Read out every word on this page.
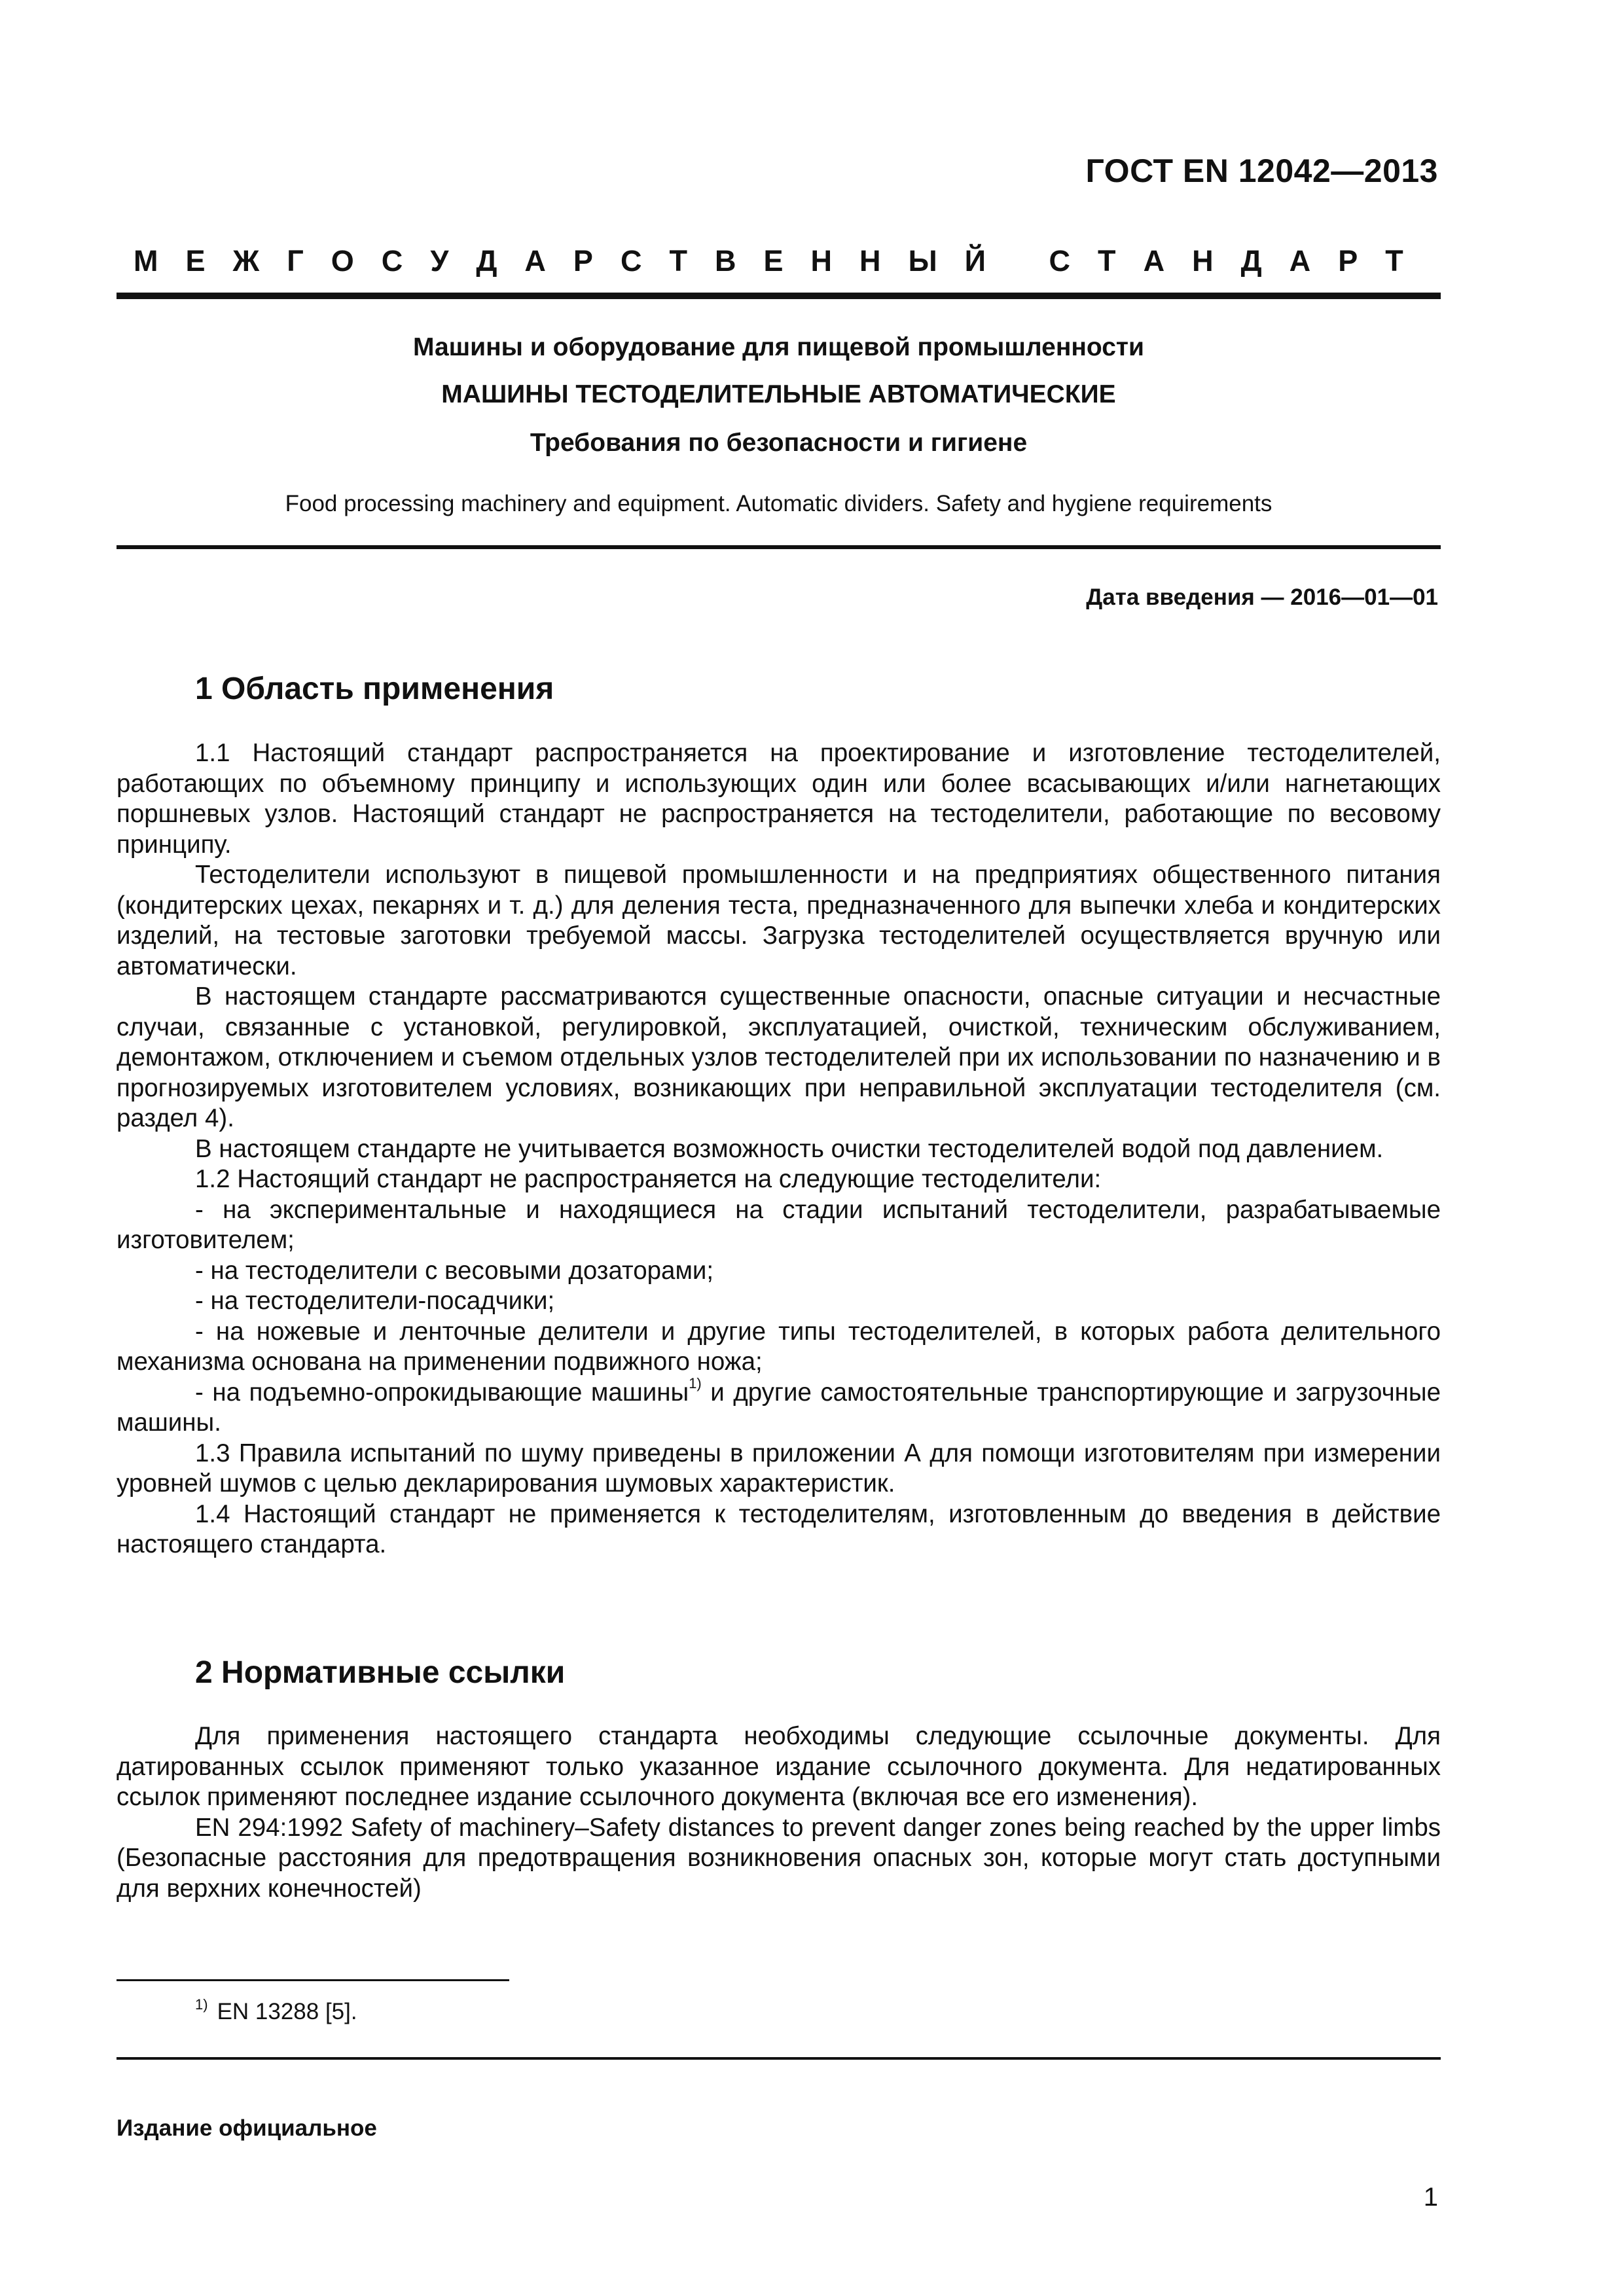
ГОСТ EN 12042—2013
М Е Ж Г О С У Д А Р С Т В Е Н Н Ы Й
С Т А Н Д А Р Т
Машины и оборудование для пищевой промышленности
МАШИНЫ ТЕСТОДЕЛИТЕЛЬНЫЕ АВТОМАТИЧЕСКИЕ
Требования по безопасности и гигиене
Food processing machinery and equipment. Automatic dividers. Safety and hygiene requirements
Дата введения — 2016—01—01
1 Область применения

1.1 Настоящий стандарт распространяется на проектирование и изготовление тестоделителей, работающих по объемному принципу и использующих один или более всасывающих и/или нагнетающих поршневых узлов. Настоящий стандарт не распространяется на тестоделители, работающие по весовому принципу.

Тестоделители используют в пищевой промышленности и на предприятиях общественного питания (кондитерских цехах, пекарнях и т. д.) для деления теста, предназначенного для выпечки хлеба и кондитерских изделий, на тестовые заготовки требуемой массы. Загрузка тестоделителей осуществляется вручную или автоматически.

В настоящем стандарте рассматриваются существенные опасности, опасные ситуации и несчастные случаи, связанные с установкой, регулировкой, эксплуатацией, очисткой, техническим обслуживанием, демонтажом, отключением и съемом отдельных узлов тестоделителей при их использовании по назначению и в прогнозируемых изготовителем условиях, возникающих при неправильной эксплуатации тестоделителя (см. раздел 4).

В настоящем стандарте не учитывается возможность очистки тестоделителей водой под давлением.

1.2 Настоящий стандарт не распространяется на следующие тестоделители:

- на экспериментальные и находящиеся на стадии испытаний тестоделители, разрабатываемые изготовителем;

- на тестоделители с весовыми дозаторами;

- на тестоделители-посадчики;

- на ножевые и ленточные делители и другие типы тестоделителей, в которых работа делительного механизма основана на применении подвижного ножа;

- на подъемно-опрокидывающие машины$^{1)}$ и другие самостоятельные транспортирующие и загрузочные машины.

1.3 Правила испытаний по шуму приведены в приложении А для помощи изготовителям при измерении уровней шумов с целью декларирования шумовых характеристик.

1.4 Настоящий стандарт не применяется к тестоделителям, изготовленным до введения в действие настоящего стандарта.

2 Нормативные ссылки

Для применения настоящего стандарта необходимы следующие ссылочные документы. Для датированных ссылок применяют только указанное издание ссылочного документа. Для недатированных ссылок применяют последнее издание ссылочного документа (включая все его изменения).

EN 294:1992 Safety of machinery–Safety distances to prevent danger zones being reached by the upper limbs (Безопасные расстояния для предотвращения возникновения опасных зон, которые могут стать доступными для верхних конечностей)

$^{1)}$ EN 13288 [5].
Издание официальное
1
